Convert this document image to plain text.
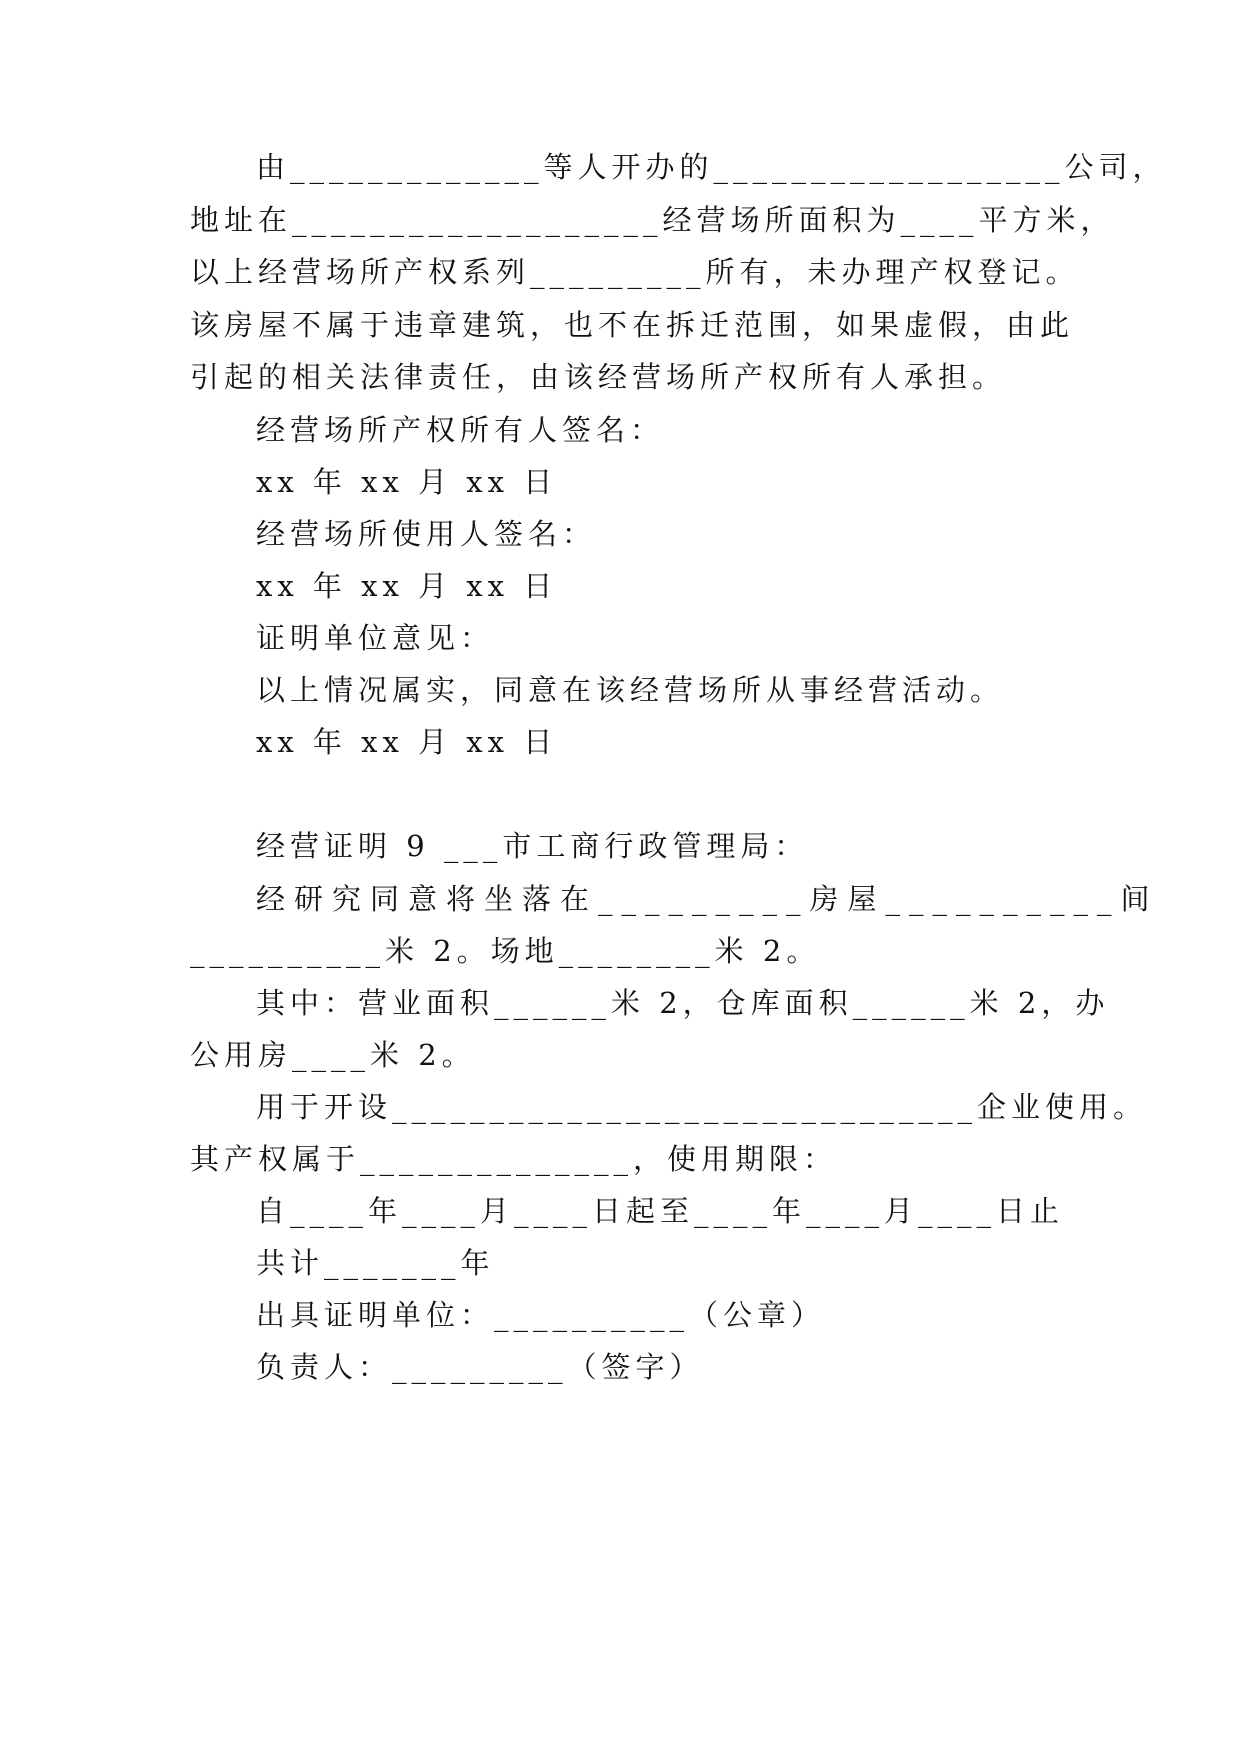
由_____________等人开办的__________________公司，
地址在___________________经营场所面积为____平方米，
以上经营场所产权系列_________所有，未办理产权登记。
该房屋不属于违章建筑，也不在拆迁范围，如果虚假，由此
引起的相关法律责任，由该经营场所产权所有人承担。
经营场所产权所有人签名：
xx 年 xx 月 xx 日
经营场所使用人签名：
xx 年 xx 月 xx 日
证明单位意见：
以上情况属实，同意在该经营场所从事经营活动。
xx 年 xx 月 xx 日
经营证明 9 ___市工商行政管理局：
经研究同意将坐落在_________房屋__________间
__________米 2。场地________米 2。
其中：营业面积______米 2，仓库面积______米 2，办
公用房____米 2。
用于开设______________________________企业使用。
其产权属于______________，使用期限：
自____年____月____日起至____年____月____日止
共计_______年
出具证明单位：__________（公章）
负责人：_________（签字）
